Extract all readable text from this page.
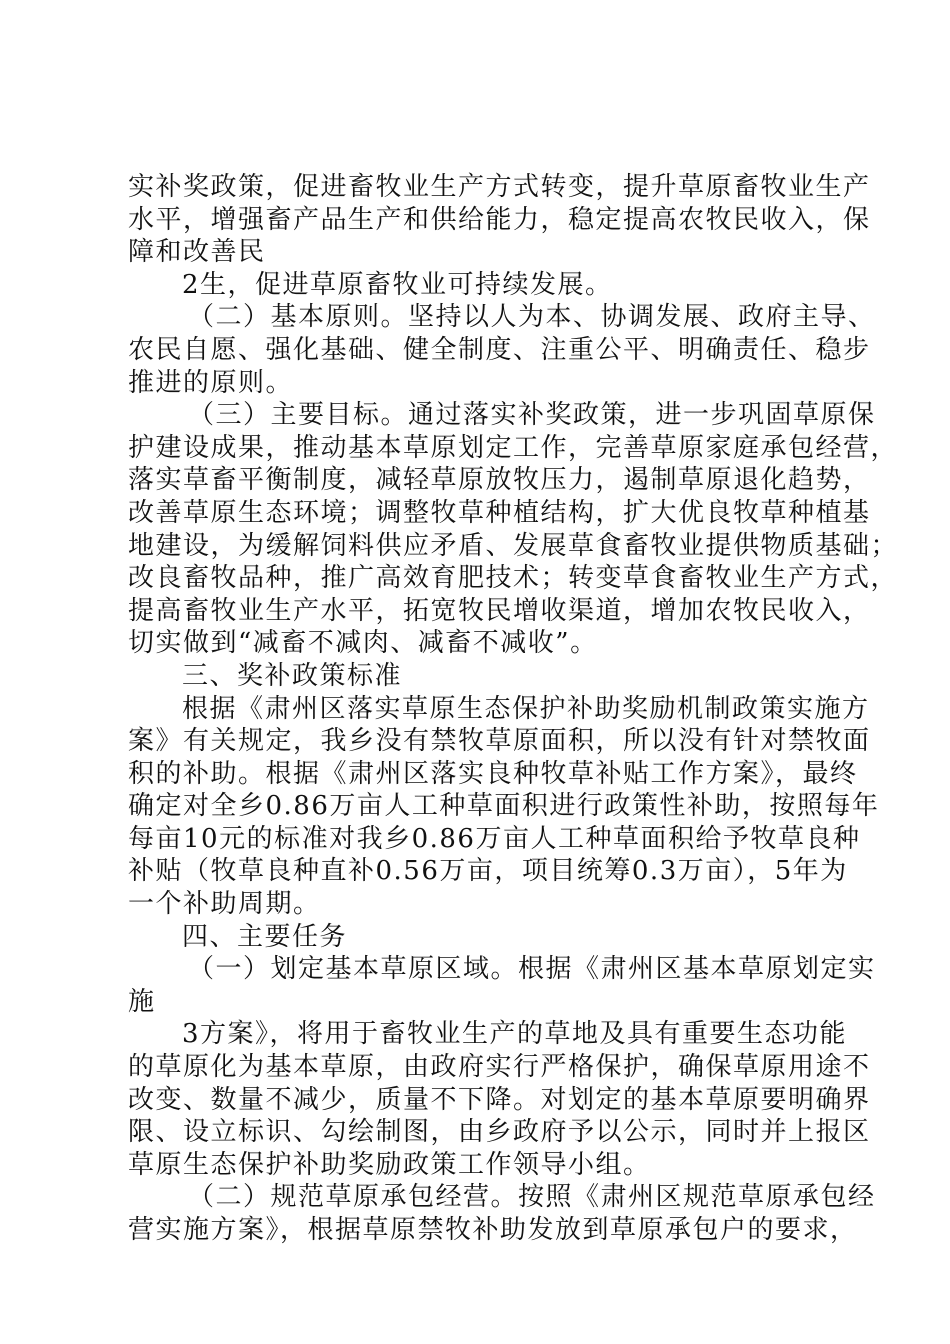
实补奖政策，促进畜牧业生产方式转变，提升草原畜牧业生产
水平，增强畜产品生产和供给能力，稳定提高农牧民收入，保
障和改善民
2生，促进草原畜牧业可持续发展。
（二）基本原则。坚持以人为本、协调发展、政府主导、
农民自愿、强化基础、健全制度、注重公平、明确责任、稳步
推进的原则。
（三）主要目标。通过落实补奖政策，进一步巩固草原保
护建设成果，推动基本草原划定工作，完善草原家庭承包经营，
落实草畜平衡制度，减轻草原放牧压力，遏制草原退化趋势，
改善草原生态环境；调整牧草种植结构，扩大优良牧草种植基
地建设，为缓解饲料供应矛盾、发展草食畜牧业提供物质基础；
改良畜牧品种，推广高效育肥技术；转变草食畜牧业生产方式，
提高畜牧业生产水平，拓宽牧民增收渠道，增加农牧民收入，
切实做到“减畜不减肉、减畜不减收”。
三、奖补政策标准
根据《肃州区落实草原生态保护补助奖励机制政策实施方
案》有关规定，我乡没有禁牧草原面积，所以没有针对禁牧面
积的补助。根据《肃州区落实良种牧草补贴工作方案》，最终
确定对全乡0.86万亩人工种草面积进行政策性补助，按照每年
每亩10元的标准对我乡0.86万亩人工种草面积给予牧草良种
补贴（牧草良种直补0.56万亩，项目统筹0.3万亩），5年为
一个补助周期。
四、主要任务
（一）划定基本草原区域。根据《肃州区基本草原划定实
施
3方案》，将用于畜牧业生产的草地及具有重要生态功能
的草原化为基本草原，由政府实行严格保护，确保草原用途不
改变、数量不减少，质量不下降。对划定的基本草原要明确界
限、设立标识、勾绘制图，由乡政府予以公示，同时并上报区
草原生态保护补助奖励政策工作领导小组。
（二）规范草原承包经营。按照《肃州区规范草原承包经
营实施方案》，根据草原禁牧补助发放到草原承包户的要求，
